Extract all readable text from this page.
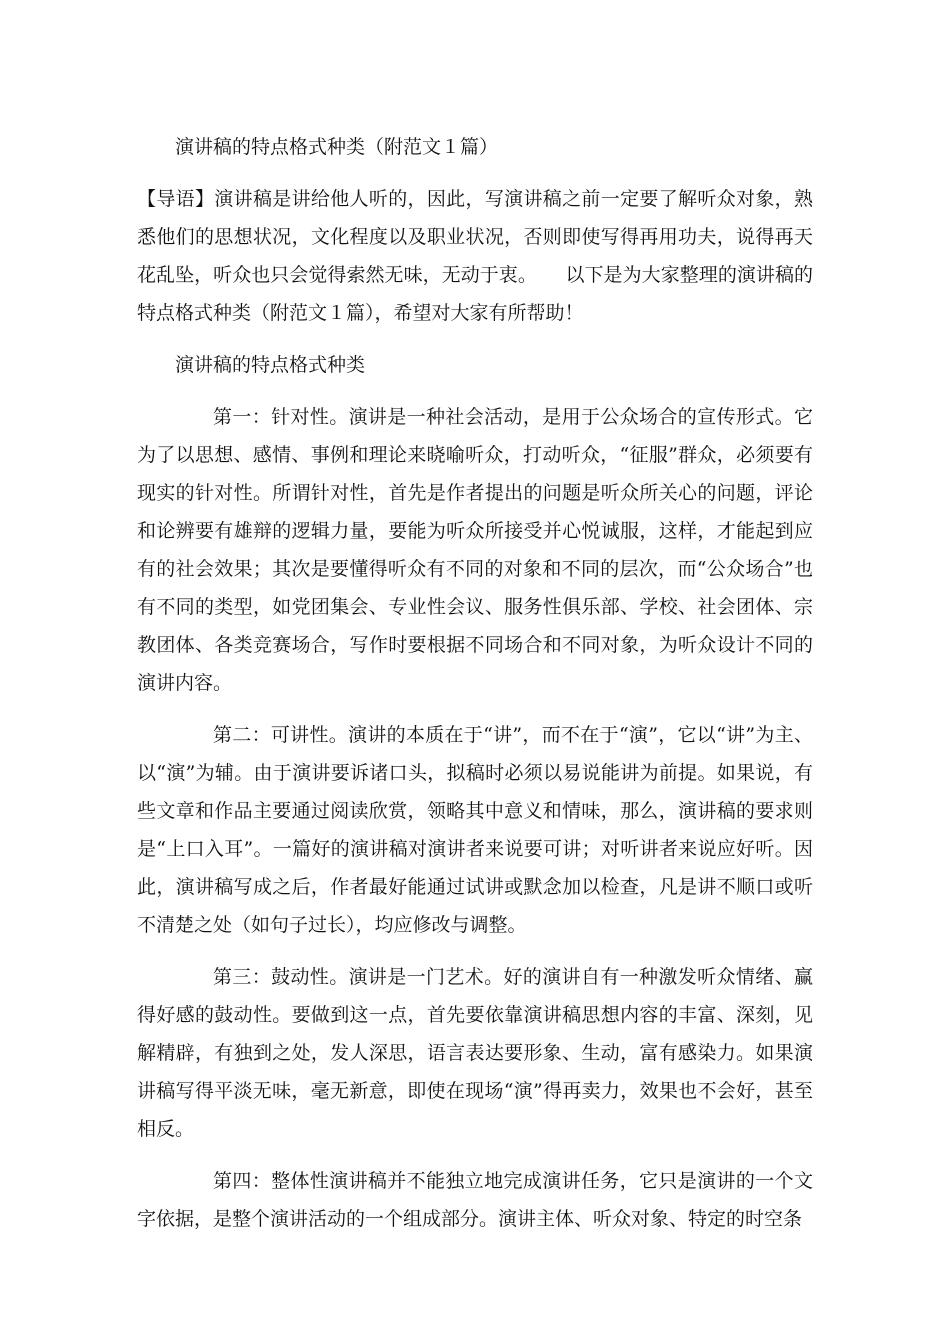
演讲稿的特点格式种类（附范文１篇）

【导语】演讲稿是讲给他人听的，因此，写演讲稿之前一定要了解听众对象，熟悉他们的思想状况，文化程度以及职业状况，否则即使写得再用功夫，说得再天花乱坠，听众也只会觉得索然无味，无动于衷。　　以下是为大家整理的演讲稿的特点格式种类（附范文１篇），希望对大家有所帮助！

演讲稿的特点格式种类

第一：针对性。演讲是一种社会活动，是用于公众场合的宣传形式。它为了以思想、感情、事例和理论来晓喻听众，打动听众，“征服”群众，必须要有现实的针对性。所谓针对性，首先是作者提出的问题是听众所关心的问题，评论和论辨要有雄辩的逻辑力量，要能为听众所接受并心悦诚服，这样，才能起到应有的社会效果；其次是要懂得听众有不同的对象和不同的层次，而“公众场合”也有不同的类型，如党团集会、专业性会议、服务性俱乐部、学校、社会团体、宗教团体、各类竞赛场合，写作时要根据不同场合和不同对象，为听众设计不同的演讲内容。

第二：可讲性。演讲的本质在于“讲”，而不在于“演”，它以“讲”为主、以“演”为辅。由于演讲要诉诸口头，拟稿时必须以易说能讲为前提。如果说，有些文章和作品主要通过阅读欣赏，领略其中意义和情味，那么，演讲稿的要求则是“上口入耳”。一篇好的演讲稿对演讲者来说要可讲；对听讲者来说应好听。因此，演讲稿写成之后，作者最好能通过试讲或默念加以检查，凡是讲不顺口或听不清楚之处（如句子过长），均应修改与调整。

第三：鼓动性。演讲是一门艺术。好的演讲自有一种激发听众情绪、赢得好感的鼓动性。要做到这一点，首先要依靠演讲稿思想内容的丰富、深刻，见解精辟，有独到之处，发人深思，语言表达要形象、生动，富有感染力。如果演讲稿写得平淡无味，毫无新意，即使在现场“演”得再卖力，效果也不会好，甚至相反。

第四：整体性演讲稿并不能独立地完成演讲任务，它只是演讲的一个文字依据，是整个演讲活动的一个组成部分。演讲主体、听众对象、特定的时空条
